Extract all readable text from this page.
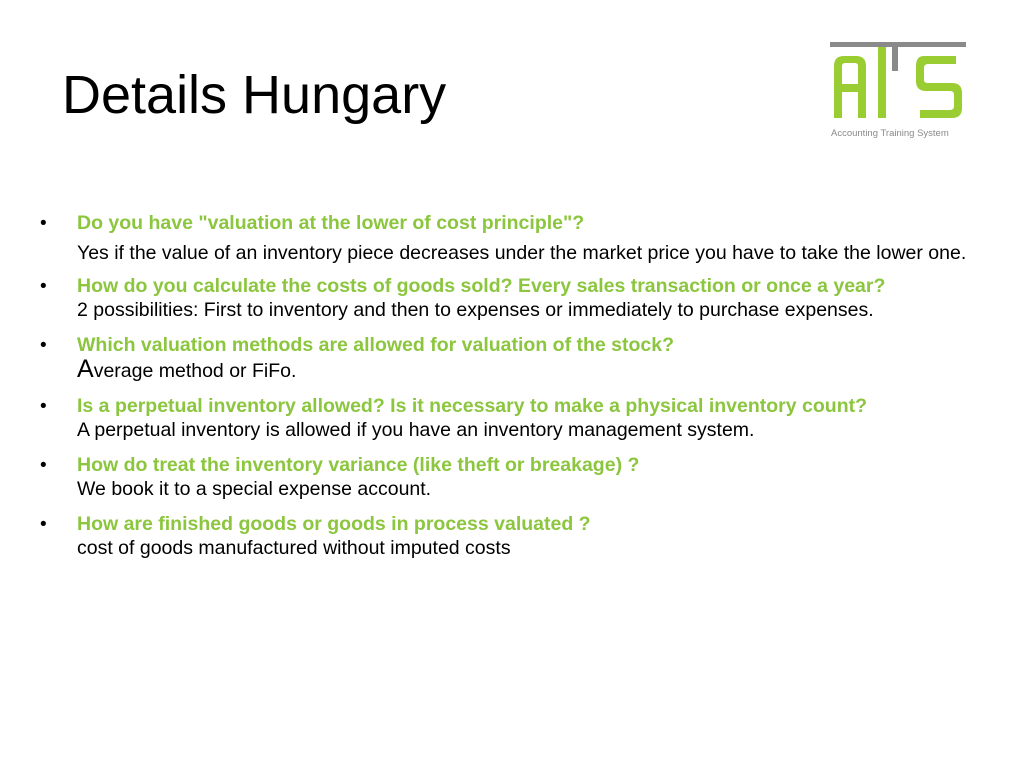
Details Hungary
Accounting Training System
• Do you have "valuation at the lower of cost principle"?
Yes if the value of an inventory piece decreases under the market price you have to take the lower one.
• How do you calculate the costs of goods sold? Every sales transaction or once a year?
2 possibilities: First to inventory and then to expenses or immediately to purchase expenses.
• Which valuation methods are allowed for valuation of the stock?
Average method or FiFo.
• Is a perpetual inventory allowed? Is it necessary to make a physical inventory count?
A perpetual inventory is allowed if you have an inventory management system.
• How do treat the inventory variance (like theft or breakage) ?
We book it to a special expense account.
• How are finished goods or goods in process valuated ?
cost of goods manufactured without imputed costs
